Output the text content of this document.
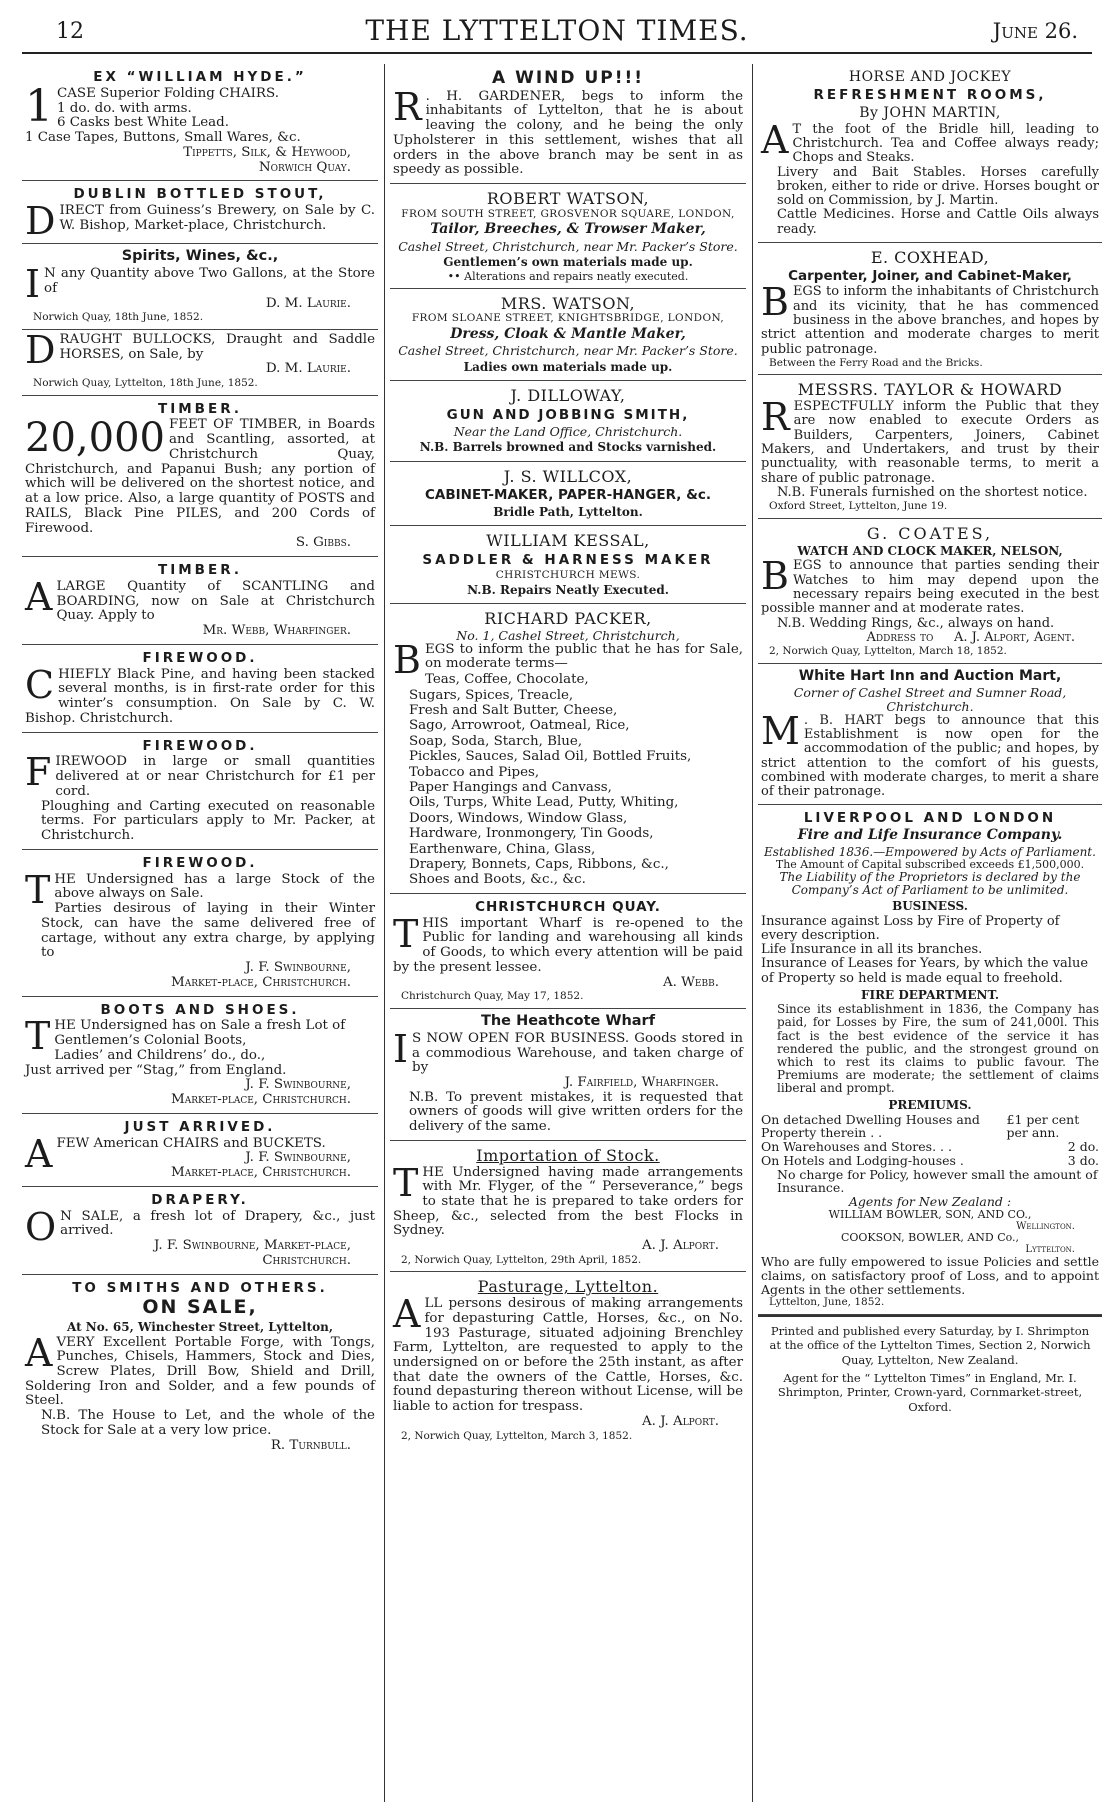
12	THE LYTTELTON TIMES.	June 26.
EX “WILLIAM HYDE.”
1 CASE Superior Folding CHAIRS.
1 do. do. with arms.
6 Casks best White Lead.
1 Case Tapes, Buttons, Small Wares, &c.
Tippetts, Silk, & Heywood,
Norwich Quay.
DUBLIN BOTTLED STOUT,
DIRECT from Guiness’s Brewery, on Sale by C. W. Bishop, Market-place, Christchurch.
Spirits, Wines, &c.,
I N any Quantity above Two Gallons, at the Store of
D. M. Laurie.
Norwich Quay, 18th June, 1852.
DRAUGHT BULLOCKS, Draught and Saddle HORSES, on Sale, by
D. M. Laurie.
Norwich Quay, Lyttelton, 18th June, 1852.
TIMBER.
20,000 FEET OF TIMBER, in Boards and Scantling, assorted, at Christchurch Quay, Christchurch, and Papanui Bush; any portion of which will be delivered on the shortest notice, and at a low price. Also, a large quantity of POSTS and RAILS, Black Pine PILES, and 200 Cords of Firewood.
S. Gibbs.
TIMBER.
ALARGE Quantity of SCANTLING and BOARDING, now on Sale at Christchurch Quay. Apply to
Mr. Webb, Wharfinger.
FIREWOOD.
CHIEFLY Black Pine, and having been stacked several months, is in first-rate order for this winter’s consumption. On Sale by C. W. Bishop. Christchurch.
FIREWOOD.
FIREWOOD in large or small quantities delivered at or near Christchurch for £1 per cord.
Ploughing and Carting executed on reasonable terms. For particulars apply to Mr. Packer, at Christchurch.
FIREWOOD.
THE Undersigned has a large Stock of the above always on Sale.
Parties desirous of laying in their Winter Stock, can have the same delivered free of cartage, without any extra charge, by applying to
J. F. Swinbourne,
Market-place, Christchurch.
BOOTS AND SHOES.
THE Undersigned has on Sale a fresh Lot of
Gentlemen’s Colonial Boots,
Ladies’ and Childrens’ do., do.,
Just arrived per “Stag,” from England.
J. F. Swinbourne,
Market-place, Christchurch.
JUST ARRIVED.
AFEW American CHAIRS and BUCKETS.
J. F. Swinbourne,
Market-place, Christchurch.
DRAPERY.
O N SALE, a fresh lot of Drapery, &c., just arrived.
J. F. Swinbourne, Market-place,
Christchurch.
TO SMITHS AND OTHERS.
ON SALE,
At No. 65, Winchester Street, Lyttelton,
AVERY Excellent Portable Forge, with Tongs, Punches, Chisels, Hammers, Stock and Dies, Screw Plates, Drill Bow, Shield and Drill, Soldering Iron and Solder, and a few pounds of Steel.
N.B. The House to Let, and the whole of the Stock for Sale at a very low price.
R. Turnbull.
A WIND UP!!!
R . H. GARDENER, begs to inform the inhabitants of Lyttelton, that he is about leaving the colony, and he being the only Upholsterer in this settlement, wishes that all orders in the above branch may be sent in as speedy as possible.
ROBERT WATSON,
FROM SOUTH STREET, GROSVENOR SQUARE, LONDON,
Tailor, Breeches, & Trowser Maker,
Cashel Street, Christchurch, near Mr. Packer’s Store.
Gentlemen’s own materials made up.
•• Alterations and repairs neatly executed.
MRS. WATSON,
FROM SLOANE STREET, KNIGHTSBRIDGE, LONDON,
Dress, Cloak & Mantle Maker,
Cashel Street, Christchurch, near Mr. Packer’s Store.
Ladies own materials made up.
J. DILLOWAY,
GUN AND JOBBING SMITH,
Near the Land Office, Christchurch.
N.B. Barrels browned and Stocks varnished.
J. S. WILLCOX,
CABINET-MAKER, PAPER-HANGER, &c.
Bridle Path, Lyttelton.
WILLIAM KESSAL,
SADDLER & HARNESS MAKER
CHRISTCHURCH MEWS.
N.B. Repairs Neatly Executed.
RICHARD PACKER,
No. 1, Cashel Street, Christchurch,
BEGS to inform the public that he has for Sale, on moderate terms—
Teas, Coffee, Chocolate,
Sugars, Spices, Treacle,
Fresh and Salt Butter, Cheese,
Sago, Arrowroot, Oatmeal, Rice,
Soap, Soda, Starch, Blue,
Pickles, Sauces, Salad Oil, Bottled Fruits,
Tobacco and Pipes,
Paper Hangings and Canvass,
Oils, Turps, White Lead, Putty, Whiting,
Doors, Windows, Window Glass,
Hardware, Ironmongery, Tin Goods,
Earthenware, China, Glass,
Drapery, Bonnets, Caps, Ribbons, &c.,
Shoes and Boots, &c., &c.
CHRISTCHURCH QUAY.
THIS important Wharf is re-opened to the Public for landing and warehousing all kinds of Goods, to which every attention will be paid by the present lessee.
A. Webb.
Christchurch Quay, May 17, 1852.
The Heathcote Wharf
I S NOW OPEN FOR BUSINESS. Goods stored in a commodious Warehouse, and taken charge of by
J. Fairfield, Wharfinger.
N.B. To prevent mistakes, it is requested that owners of goods will give written orders for the delivery of the same.
Importation of Stock.
THE Undersigned having made arrangements with Mr. Flyger, of the “ Perseverance,” begs to state that he is prepared to take orders for Sheep, &c., selected from the best Flocks in Sydney.
A. J. Alport.
2, Norwich Quay, Lyttelton, 29th April, 1852.
Pasturage, Lyttelton.
ALL persons desirous of making arrangements for depasturing Cattle, Horses, &c., on No. 193 Pasturage, situated adjoining Brenchley Farm, Lyttelton, are requested to apply to the undersigned on or before the 25th instant, as after that date the owners of the Cattle, Horses, &c. found depasturing thereon without License, will be liable to action for trespass.
A. J. Alport.
2, Norwich Quay, Lyttelton, March 3, 1852.
HORSE AND JOCKEY
REFRESHMENT ROOMS,
By JOHN MARTIN,
A T the foot of the Bridle hill, leading to Christchurch. Tea and Coffee always ready; Chops and Steaks.
Livery and Bait Stables. Horses carefully broken, either to ride or drive. Horses bought or sold on Commission, by J. Martin.
Cattle Medicines. Horse and Cattle Oils always ready.
E. COXHEAD,
Carpenter, Joiner, and Cabinet-Maker,
BEGS to inform the inhabitants of Christchurch and its vicinity, that he has commenced business in the above branches, and hopes by strict attention and moderate charges to merit public patronage.
Between the Ferry Road and the Bricks.
MESSRS. TAYLOR & HOWARD
RESPECTFULLY inform the Public that they are now enabled to execute Orders as Builders, Carpenters, Joiners, Cabinet Makers, and Undertakers, and trust by their punctuality, with reasonable terms, to merit a share of public patronage.
N.B. Funerals furnished on the shortest notice.
Oxford Street, Lyttelton, June 19.
G. COATES,
WATCH AND CLOCK MAKER, NELSON,
BEGS to announce that parties sending their Watches to him may depend upon the necessary repairs being executed in the best possible manner and at moderate rates.
N.B. Wedding Rings, &c., always on hand.
Address to     A. J. Alport, Agent.
2, Norwich Quay, Lyttelton, March 18, 1852.
White Hart Inn and Auction Mart,
Corner of Cashel Street and Sumner Road, Christchurch.
M . B. HART begs to announce that this Establishment is now open for the accommodation of the public; and hopes, by strict attention to the comfort of his guests, combined with moderate charges, to merit a share of their patronage.
LIVERPOOL AND LONDON
Fire and Life Insurance Company.
Established 1836.—Empowered by Acts of Parliament.
The Amount of Capital subscribed exceeds £1,500,000.
The Liability of the Proprietors is declared by the Company’s Act of Parliament to be unlimited.
BUSINESS.
Insurance against Loss by Fire of Property of every description.
Life Insurance in all its branches.
Insurance of Leases for Years, by which the value of Property so held is made equal to freehold.
FIRE DEPARTMENT.
Since its establishment in 1836, the Company has paid, for Losses by Fire, the sum of 241,000l. This fact is the best evidence of the service it has rendered the public, and the strongest ground on which to rest its claims to public favour. The Premiums are moderate; the settlement of claims liberal and prompt.
PREMIUMS.
On detached Dwelling Houses and Property therein . .
£1 per cent per ann.
On Warehouses and Stores. . .	2 do.
On Hotels and Lodging-houses .	3 do.
No charge for Policy, however small the amount of Insurance.
Agents for New Zealand :
WILLIAM BOWLER, SON, AND CO.,
Wellington.
COOKSON, BOWLER, AND Co.,
Lyttelton.
Who are fully empowered to issue Policies and settle claims, on satisfactory proof of Loss, and to appoint Agents in the other settlements.
Lyttelton, June, 1852.
Printed and published every Saturday, by I. Shrimpton at the office of the Lyttelton Times, Section 2, Norwich Quay, Lyttelton, New Zealand.
Agent for the “ Lyttelton Times” in England, Mr. I. Shrimpton, Printer, Crown-yard, Cornmarket-street, Oxford.
